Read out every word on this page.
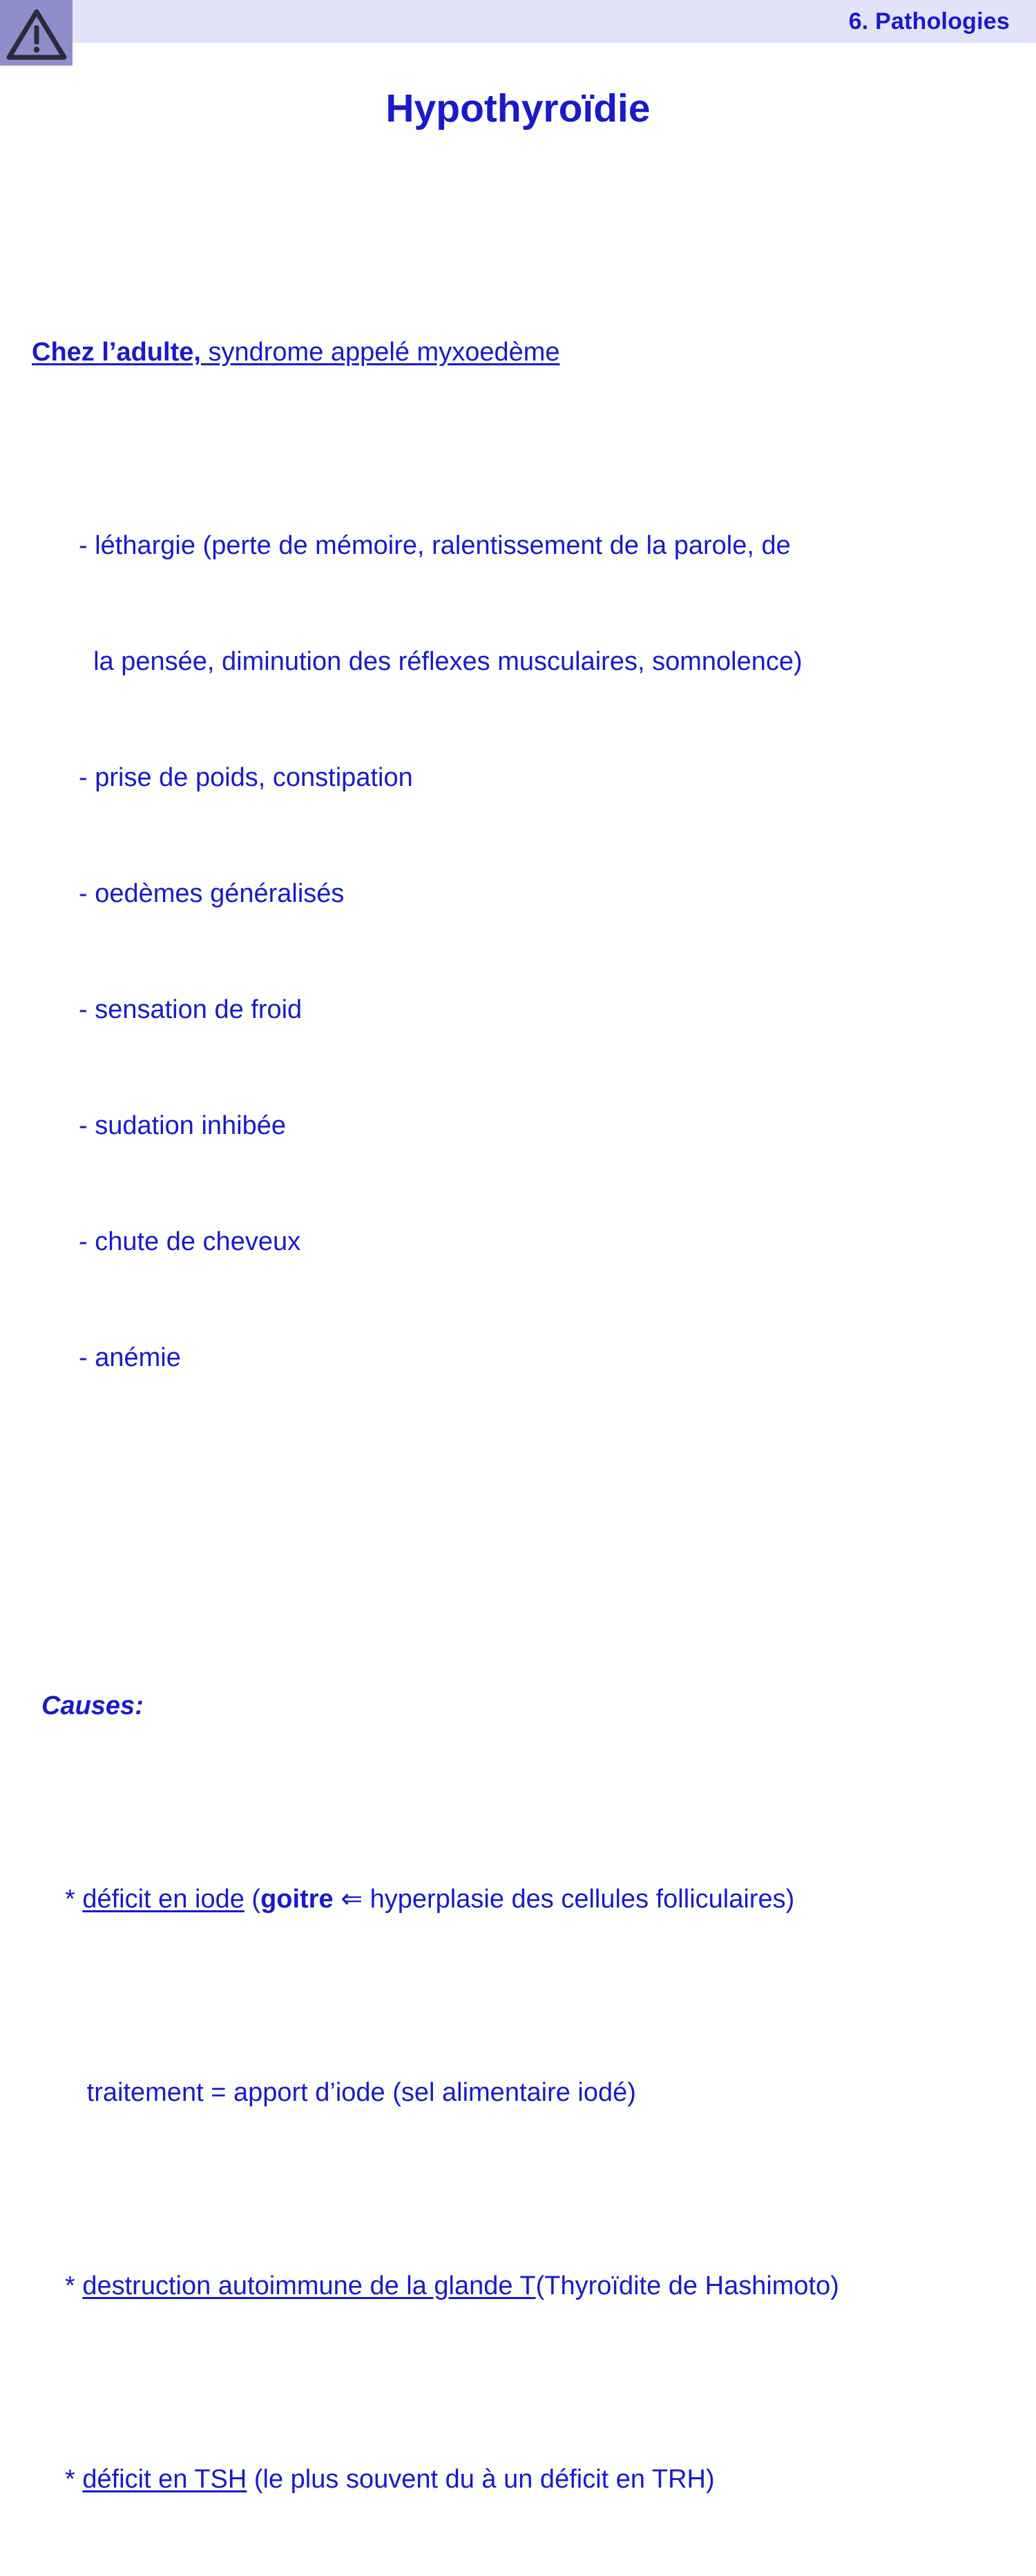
6. Pathologies
Hypothyroïdie

Chez l’adulte, syndrome appelé myxoedème

- léthargie (perte de mémoire, ralentissement de la parole, de

la pensée, diminution des réflexes musculaires, somnolence)

- prise de poids, constipation

- oedèmes généralisés

- sensation de froid

- sudation inhibée

- chute de cheveux

- anémie

Causes:

* déficit en iode (goitre ⇐ hyperplasie des cellules folliculaires)

traitement = apport d’iode (sel alimentaire iodé)

* destruction autoimmune de la glande T(Thyroïdite de Hashimoto)

* déficit en TSH (le plus souvent du à un déficit en TRH)
